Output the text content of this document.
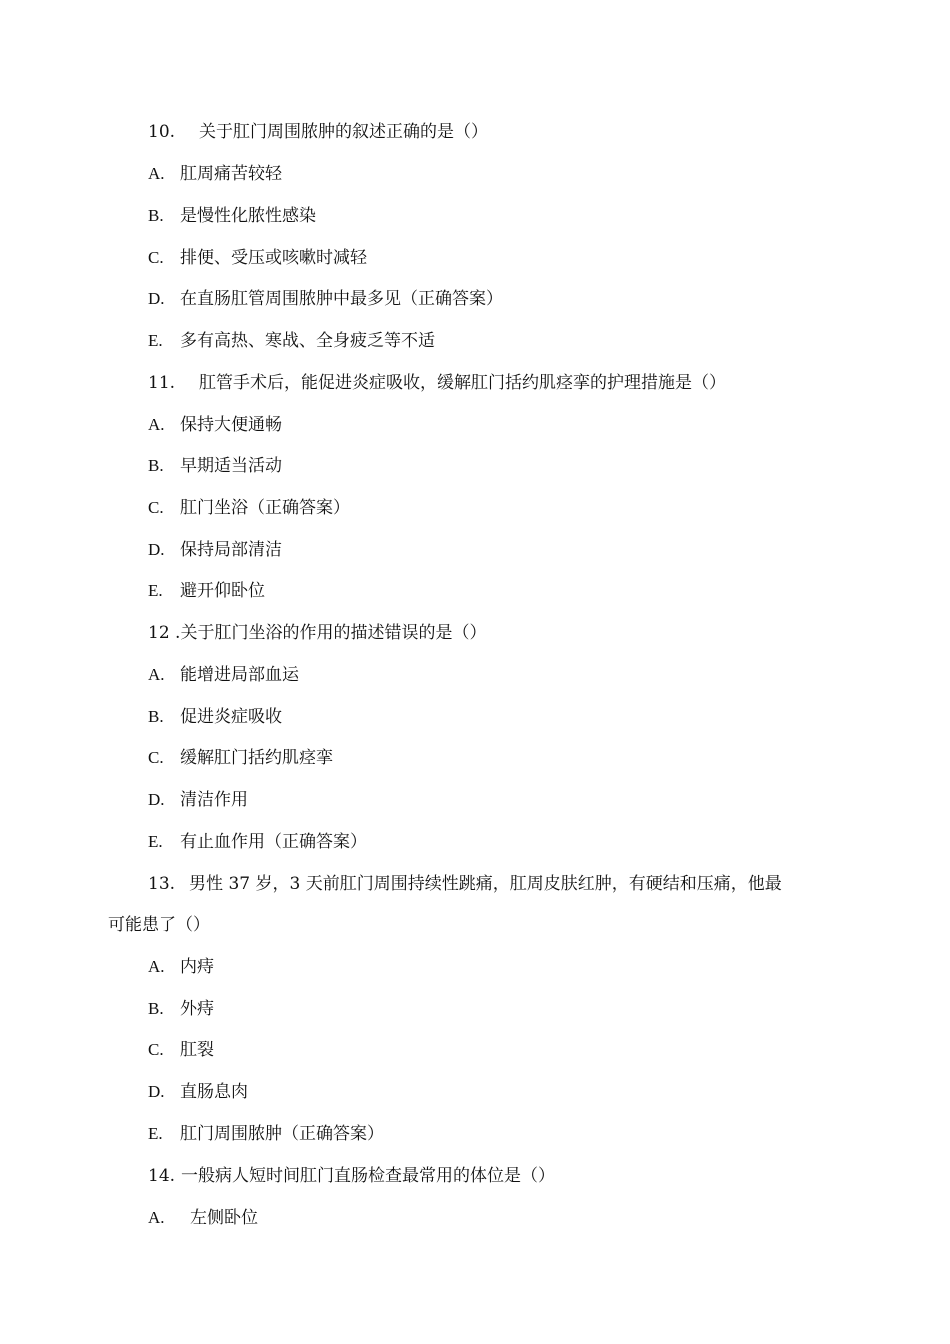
10. 关于肛门周围脓肿的叙述正确的是（）
A. 肛周痛苦较轻
B. 是慢性化脓性感染
C. 排便、受压或咳嗽时减轻
D. 在直肠肛管周围脓肿中最多见（正确答案）
E. 多有高热、寒战、全身疲乏等不适
11. 肛管手术后，能促进炎症吸收，缓解肛门括约肌痉挛的护理措施是（）
A. 保持大便通畅
B. 早期适当活动
C. 肛门坐浴（正确答案）
D. 保持局部清洁
E. 避开仰卧位
12 .关于肛门坐浴的作用的描述错误的是（）
A. 能增进局部血运
B. 促进炎症吸收
C. 缓解肛门括约肌痉挛
D. 清洁作用
E. 有止血作用（正确答案）
13. 男性 37 岁，3 天前肛门周围持续性跳痛，肛周皮肤红肿，有硬结和压痛，他最
可能患了（）
A. 内痔
B. 外痔
C. 肛裂
D. 直肠息肉
E. 肛门周围脓肿（正确答案）
14. 一般病人短时间肛门直肠检查最常用的体位是（）
A. 左侧卧位
